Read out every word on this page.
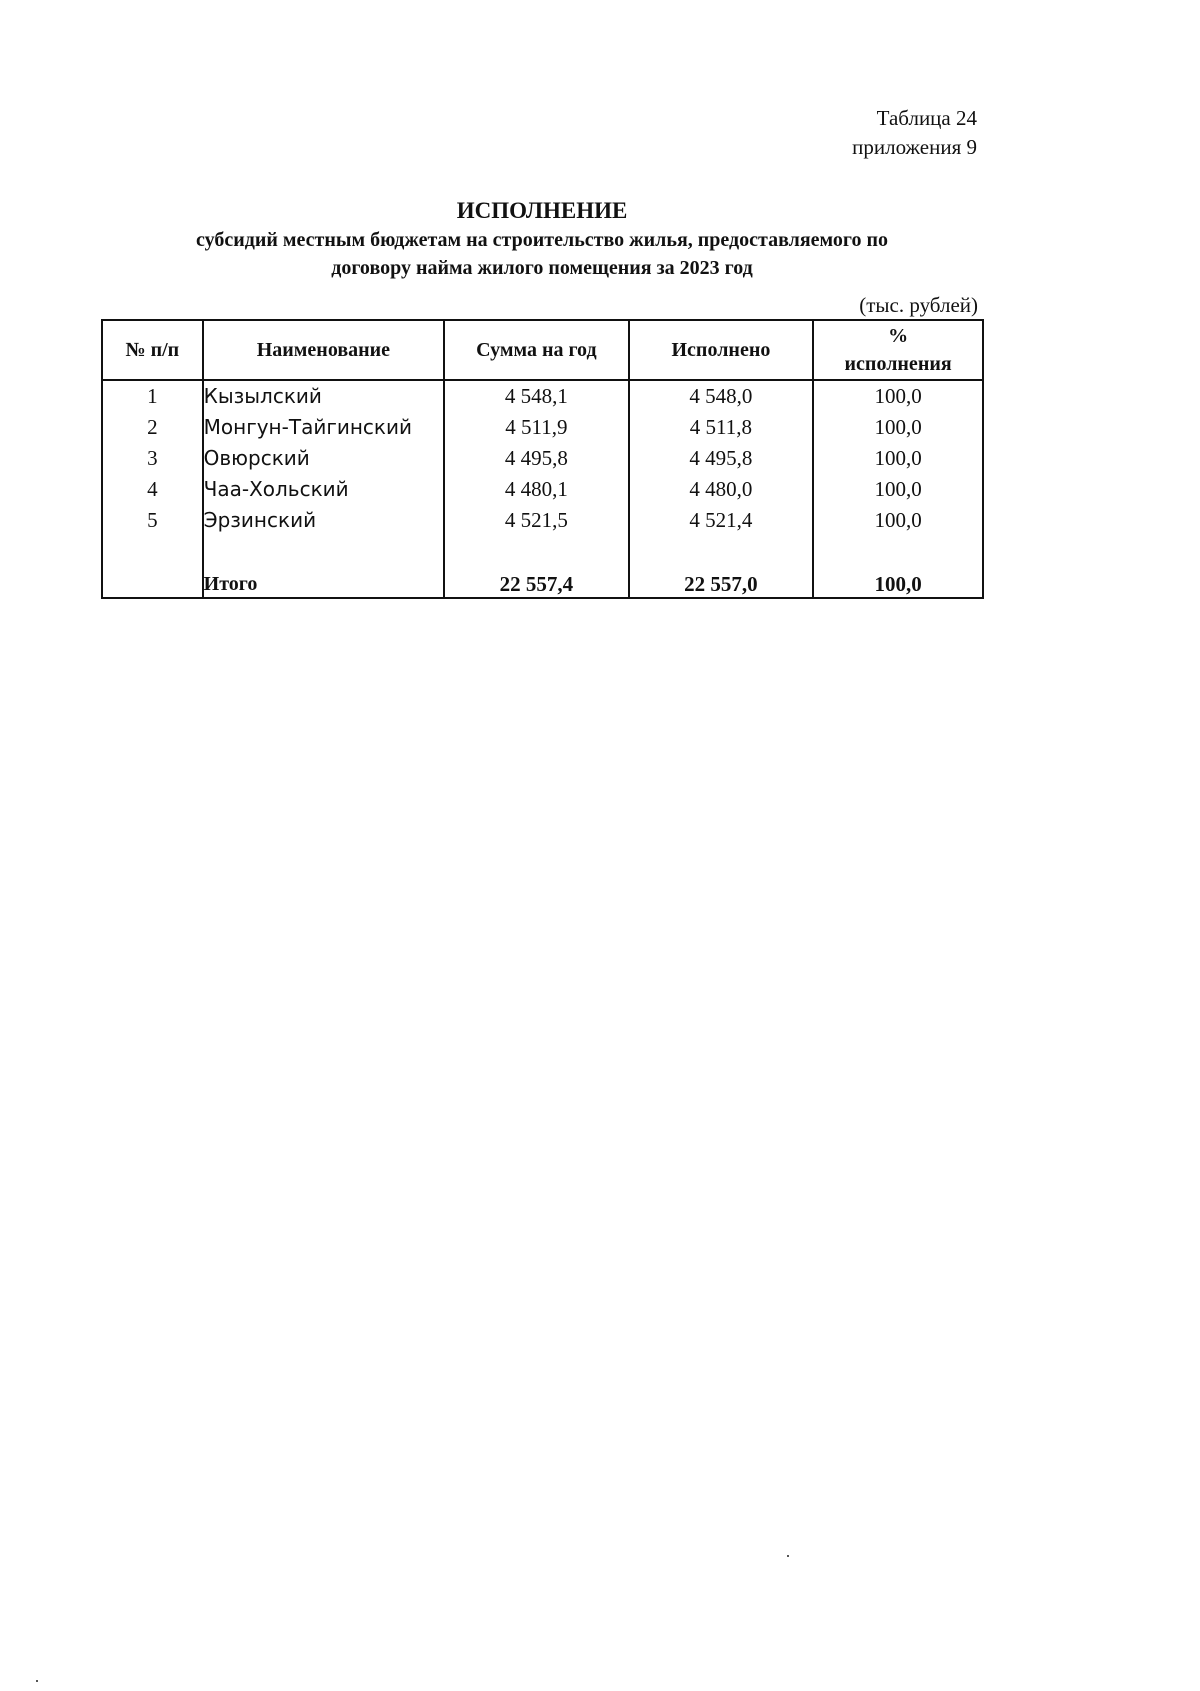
Таблица 24
приложения 9
ИСПОЛНЕНИЕ
субсидий местным бюджетам на строительство жилья, предоставляемого по
договору найма жилого помещения за 2023 год
(тыс. рублей)
№ п/п	Наименование	Сумма на год	Исполнено	%
исполнения

1	Кызылский	4 548,1	4 548,0	100,0
2	Монгун-Тайгинский	4 511,9	4 511,8	100,0
3	Овюрский	4 495,8	4 495,8	100,0
4	Чаа-Хольский	4 480,1	4 480,0	100,0
5	Эрзинский	4 521,5	4 521,4	100,0

	Итого	22 557,4	22 557,0	100,0
